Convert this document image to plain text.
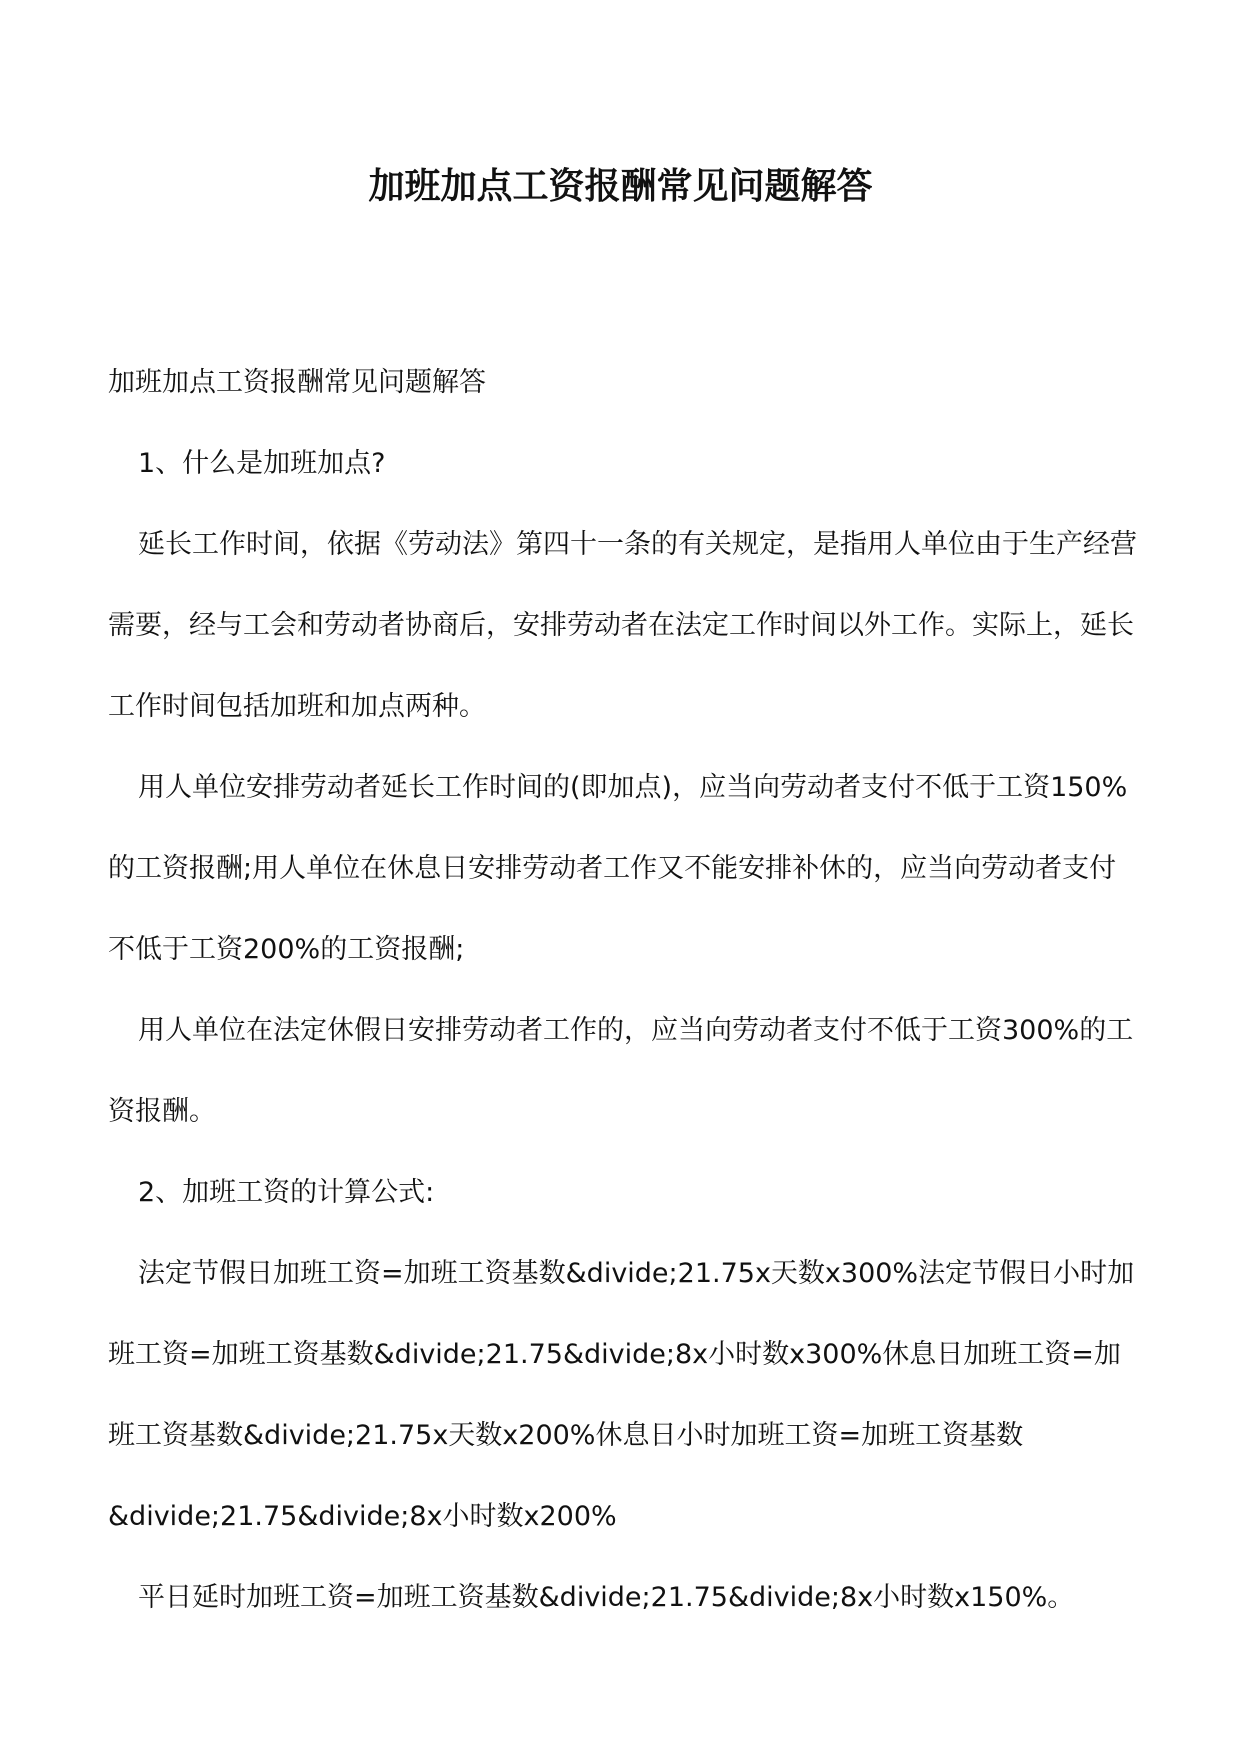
加班加点工资报酬常见问题解答

加班加点工资报酬常见问题解答

1、什么是加班加点?

延长工作时间，依据《劳动法》第四十一条的有关规定，是指用人单位由于生产经营需要，经与工会和劳动者协商后，安排劳动者在法定工作时间以外工作。实际上，延长工作时间包括加班和加点两种。

用人单位安排劳动者延长工作时间的(即加点)，应当向劳动者支付不低于工资150%的工资报酬;用人单位在休息日安排劳动者工作又不能安排补休的，应当向劳动者支付不低于工资200%的工资报酬;

用人单位在法定休假日安排劳动者工作的，应当向劳动者支付不低于工资300%的工资报酬。

2、加班工资的计算公式:

法定节假日加班工资=加班工资基数&divide;21.75x天数x300%法定节假日小时加班工资=加班工资基数&divide;21.75&divide;8x小时数x300%休息日加班工资=加班工资基数&divide;21.75x天数x200%休息日小时加班工资=加班工资基数&divide;21.75&divide;8x小时数x200%

平日延时加班工资=加班工资基数&divide;21.75&divide;8x小时数x150%。
